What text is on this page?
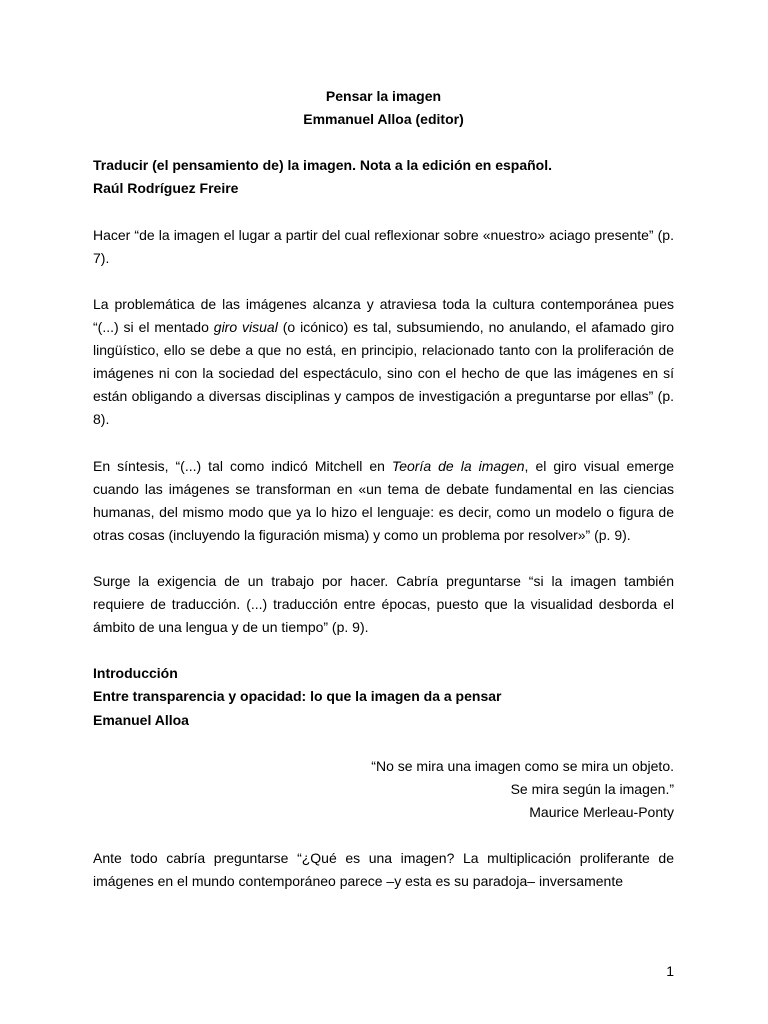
Pensar la imagen

Emmanuel Alloa (editor)

Traducir (el pensamiento de) la imagen. Nota a la edición en español.

Raúl Rodríguez Freire

Hacer “de la imagen el lugar a partir del cual reflexionar sobre «nuestro» aciago presente” (p. 7).

La problemática de las imágenes alcanza y atraviesa toda la cultura contemporánea pues “(...) si el mentado giro visual (o icónico) es tal, subsumiendo, no anulando, el afamado giro lingüístico, ello se debe a que no está, en principio, relacionado tanto con la proliferación de imágenes ni con la sociedad del espectáculo, sino con el hecho de que las imágenes en sí están obligando a diversas disciplinas y campos de investigación a preguntarse por ellas” (p. 8).

En síntesis, “(...) tal como indicó Mitchell en Teoría de la imagen, el giro visual emerge cuando las imágenes se transforman en «un tema de debate fundamental en las ciencias humanas, del mismo modo que ya lo hizo el lenguaje: es decir, como un modelo o figura de otras cosas (incluyendo la figuración misma) y como un problema por resolver»” (p. 9).

Surge la exigencia de un trabajo por hacer. Cabría preguntarse “si la imagen también requiere de traducción. (...) traducción entre épocas, puesto que la visualidad desborda el ámbito de una lengua y de un tiempo” (p. 9).

Introducción

Entre transparencia y opacidad: lo que la imagen da a pensar

Emanuel Alloa

“No se mira una imagen como se mira un objeto.

Se mira según la imagen.”

Maurice Merleau-Ponty

Ante todo cabría preguntarse “¿Qué es una imagen? La multiplicación proliferante de imágenes en el mundo contemporáneo parece –y esta es su paradoja– inversamente

1
